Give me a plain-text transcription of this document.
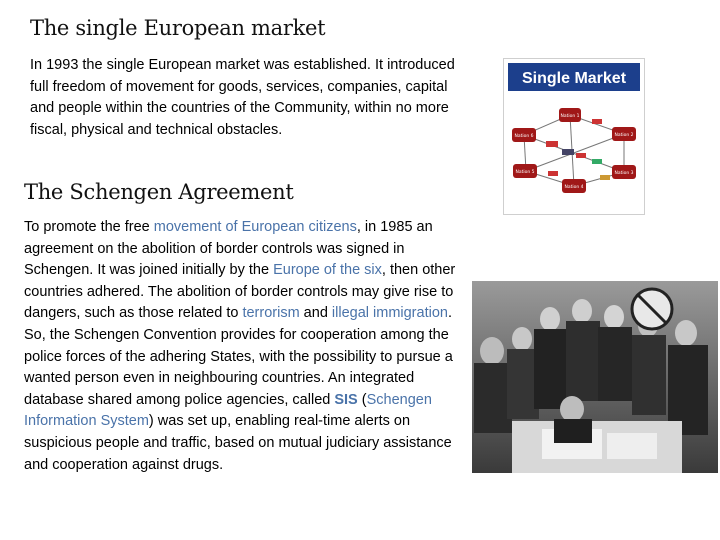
The single European market

In 1993 the single European market was established. It introduced full freedom of movement for goods, services, companies, capital and people within the countries of the Community, within no more fiscal, physical and technical obstacles.

The Schengen Agreement

To promote the free movement of European citizens, in 1985 an agreement on the abolition of border controls was signed in Schengen. It was joined initially by the Europe of the six, then other countries adhered. The abolition of border controls may give rise to dangers, such as those related to terrorism and illegal immigration. So, the Schengen Convention provides for cooperation among the police forces of the adhering States, with the possibility to pursue a wanted person even in neighbouring countries. An integrated database shared among police agencies, called SIS (Schengen Information System) was set up, enabling real-time alerts on suspicious people and traffic, based on mutual judiciary assistance and cooperation against drugs.

Single Market
Nation 1
Nation 2
Nation 3
Nation 4
Nation 5
Nation 6
